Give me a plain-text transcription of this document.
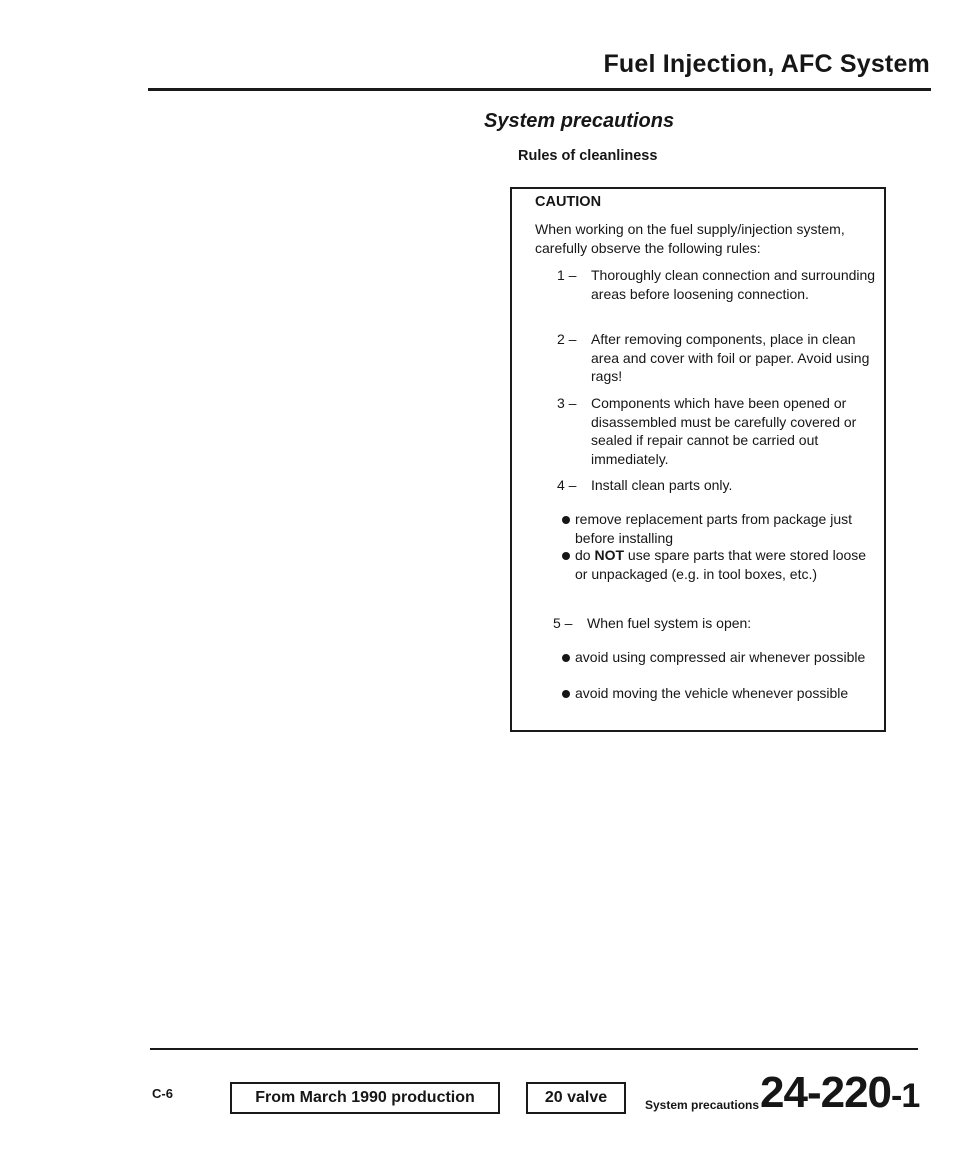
Fuel Injection, AFC System
System precautions
Rules of cleanliness
CAUTION
When working on the fuel supply/injection system, carefully observe the following rules:
1 –	Thoroughly clean connection and surrounding areas before loosening connection.
2 –	After removing components, place in clean area and cover with foil or paper. Avoid using rags!
3 –	Components which have been opened or disassembled must be carefully covered or sealed if repair cannot be carried out immediately.
4 –	Install clean parts only.
remove replacement parts from package just before installing
do NOT use spare parts that were stored loose or unpackaged (e.g. in tool boxes, etc.)
5 –	When fuel system is open:
avoid using compressed air whenever possible
avoid moving the vehicle whenever possible
C-6	From March 1990 production	20 valve	System precautions 24-220-1
